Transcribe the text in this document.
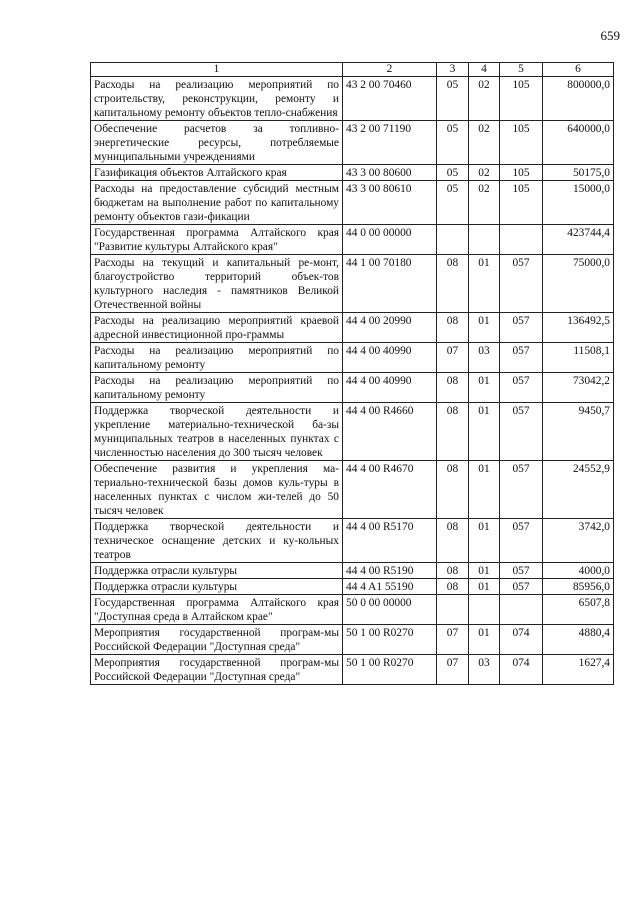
659
1	2	3	4	5	6
Расходы на реализацию мероприятий по строительству, реконструкции, ремонту и капитальному ремонту объектов тепло-снабжения	43 2 00 70460	05	02	105	800000,0
Обеспечение расчетов за топливно-энергетические ресурсы, потребляемые муниципальными учреждениями	43 2 00 71190	05	02	105	640000,0
Газификация объектов Алтайского края	43 3 00 80600	05	02	105	50175,0
Расходы на предоставление субсидий местным бюджетам на выполнение работ по капитальному ремонту объектов гази-фикации	43 3 00 80610	05	02	105	15000,0
Государственная программа Алтайского края "Развитие культуры Алтайского края"	44 0 00 00000				423744,4
Расходы на текущий и капитальный ре-монт, благоустройство территорий объек-тов культурного наследия - памятников Великой Отечественной войны	44 1 00 70180	08	01	057	75000,0
Расходы на реализацию мероприятий краевой адресной инвестиционной про-граммы	44 4 00 20990	08	01	057	136492,5
Расходы на реализацию мероприятий по капитальному ремонту	44 4 00 40990	07	03	057	11508,1
Расходы на реализацию мероприятий по капитальному ремонту	44 4 00 40990	08	01	057	73042,2
Поддержка творческой деятельности и укрепление материально-технической ба-зы муниципальных театров в населенных пунктах с численностью населения до 300 тысяч человек	44 4 00 R4660	08	01	057	9450,7
Обеспечение развития и укрепления ма-териально-технической базы домов куль-туры в населенных пунктах с числом жи-телей до 50 тысяч человек	44 4 00 R4670	08	01	057	24552,9
Поддержка творческой деятельности и техническое оснащение детских и ку-кольных театров	44 4 00 R5170	08	01	057	3742,0
Поддержка отрасли культуры	44 4 00 R5190	08	01	057	4000,0
Поддержка отрасли культуры	44 4 A1 55190	08	01	057	85956,0
Государственная программа Алтайского края "Доступная среда в Алтайском крае"	50 0 00 00000				6507,8
Мероприятия государственной програм-мы Российской Федерации "Доступная среда"	50 1 00 R0270	07	01	074	4880,4
Мероприятия государственной програм-мы Российской Федерации "Доступная среда"	50 1 00 R0270	07	03	074	1627,4
